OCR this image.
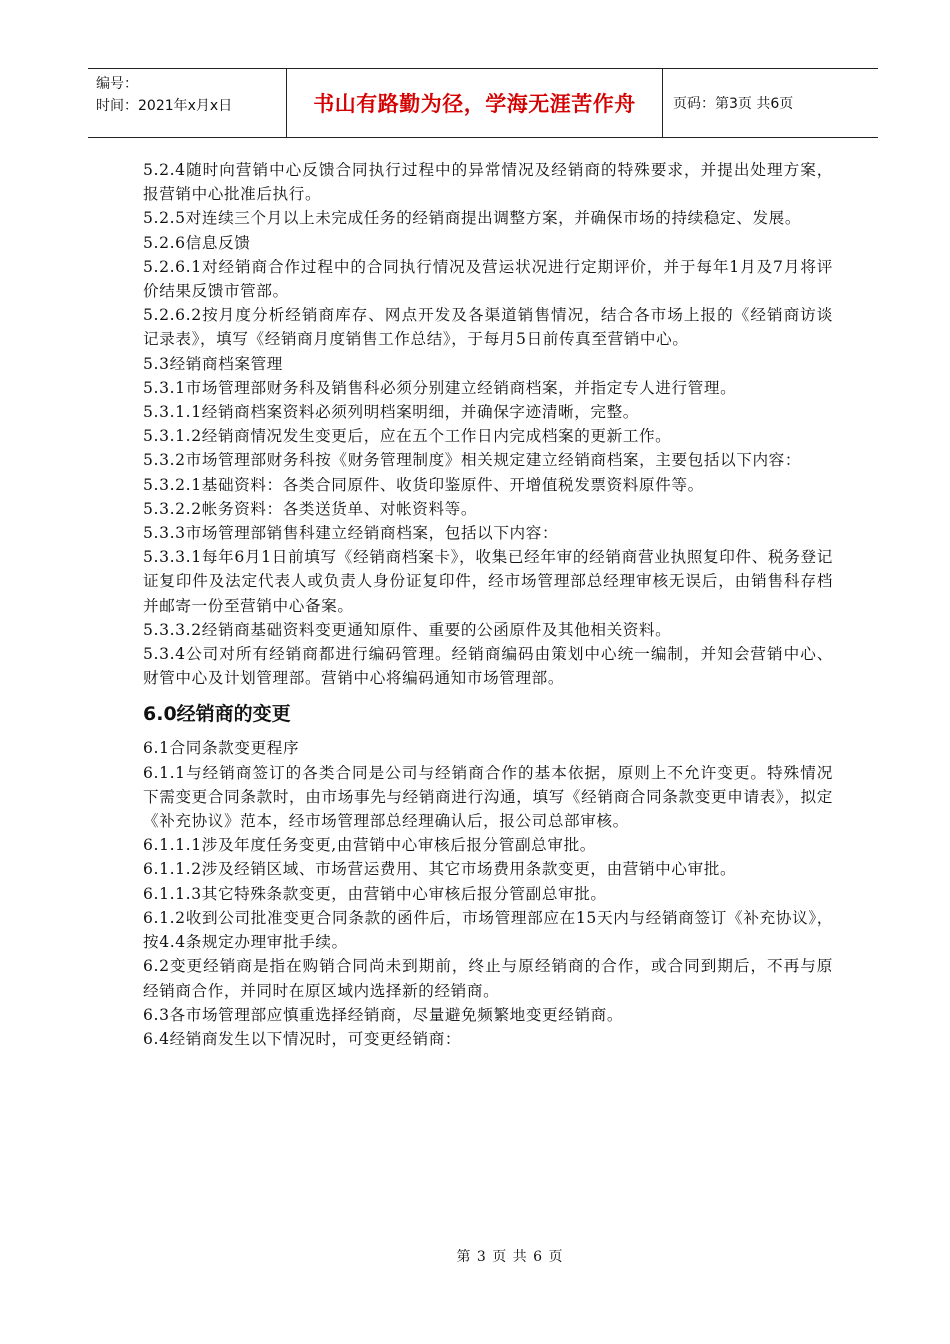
编号：
时间：2021年x月x日	书山有路勤为径，学海无涯苦作舟	页码：第3页 共6页

5.2.4随时向营销中心反馈合同执行过程中的异常情况及经销商的特殊要求，并提出处理方案，报营销中心批准后执行。

5.2.5对连续三个月以上未完成任务的经销商提出调整方案，并确保市场的持续稳定、发展。

5.2.6信息反馈

5.2.6.1对经销商合作过程中的合同执行情况及营运状况进行定期评价，并于每年1月及7月将评价结果反馈市管部。

5.2.6.2按月度分析经销商库存、网点开发及各渠道销售情况，结合各市场上报的《经销商访谈记录表》，填写《经销商月度销售工作总结》，于每月5日前传真至营销中心。

5.3经销商档案管理

5.3.1市场管理部财务科及销售科必须分别建立经销商档案，并指定专人进行管理。

5.3.1.1经销商档案资料必须列明档案明细，并确保字迹清晰，完整。

5.3.1.2经销商情况发生变更后，应在五个工作日内完成档案的更新工作。

5.3.2市场管理部财务科按《财务管理制度》相关规定建立经销商档案，主要包括以下内容：

5.3.2.1基础资料：各类合同原件、收货印鉴原件、开增值税发票资料原件等。

5.3.2.2帐务资料：各类送货单、对帐资料等。

5.3.3市场管理部销售科建立经销商档案，包括以下内容：

5.3.3.1每年6月1日前填写《经销商档案卡》，收集已经年审的经销商营业执照复印件、税务登记证复印件及法定代表人或负责人身份证复印件，经市场管理部总经理审核无误后，由销售科存档并邮寄一份至营销中心备案。

5.3.3.2经销商基础资料变更通知原件、重要的公函原件及其他相关资料。

5.3.4公司对所有经销商都进行编码管理。经销商编码由策划中心统一编制，并知会营销中心、财管中心及计划管理部。营销中心将编码通知市场管理部。

6.0经销商的变更

6.1合同条款变更程序

6.1.1与经销商签订的各类合同是公司与经销商合作的基本依据，原则上不允许变更。特殊情况下需变更合同条款时，由市场事先与经销商进行沟通，填写《经销商合同条款变更申请表》，拟定《补充协议》范本，经市场管理部总经理确认后，报公司总部审核。

6.1.1.1涉及年度任务变更,由营销中心审核后报分管副总审批。

6.1.1.2涉及经销区域、市场营运费用、其它市场费用条款变更，由营销中心审批。

6.1.1.3其它特殊条款变更，由营销中心审核后报分管副总审批。

6.1.2收到公司批准变更合同条款的函件后，市场管理部应在15天内与经销商签订《补充协议》，按4.4条规定办理审批手续。

6.2变更经销商是指在购销合同尚未到期前，终止与原经销商的合作，或合同到期后，不再与原经销商合作，并同时在原区域内选择新的经销商。

6.3各市场管理部应慎重选择经销商，尽量避免频繁地变更经销商。

6.4经销商发生以下情况时，可变更经销商：

第 3 页 共 6 页
